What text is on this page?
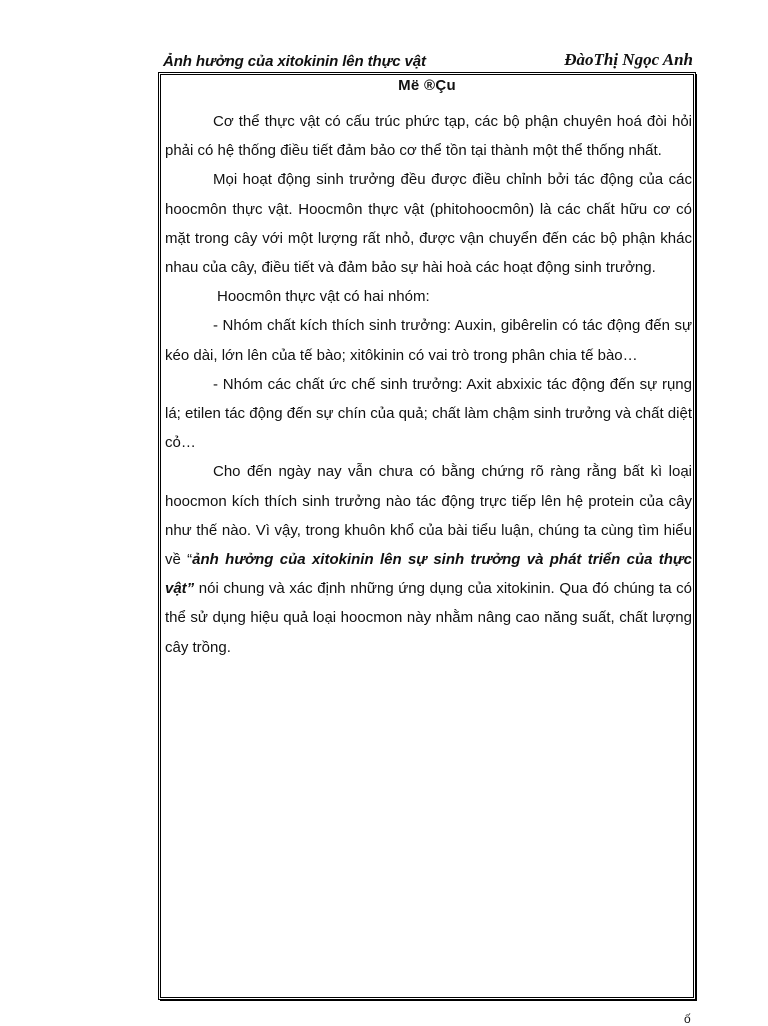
Ảnh hưởng của xitokinin lên thực vật	ĐàoThị Ngọc Anh
Më ®Çu

Cơ thể thực vật có cấu trúc phức tạp, các bộ phận chuyên hoá đòi hỏi phải có hệ thống điều tiết đảm bảo cơ thể tồn tại thành một thể thống nhất.

Mọi hoạt động sinh trưởng đều được điều chỉnh bởi tác động của các hoocmôn thực vật. Hoocmôn thực vật (phitohoocmôn) là các chất hữu cơ có mặt trong cây với một lượng rất nhỏ, được vận chuyển đến các bộ phận khác nhau của cây, điều tiết và đảm bảo sự hài hoà các hoạt động sinh trưởng.

Hoocmôn thực vật có hai nhóm:

- Nhóm chất kích thích sinh trưởng: Auxin, gibêrelin có tác động đến sự kéo dài, lớn lên của tế bào; xitôkinin có vai trò trong phân chia tế bào…

- Nhóm các chất ức chế sinh trưởng: Axit abxixic tác động đến sự rụng lá; etilen tác động đến sự chín của quả; chất làm chậm sinh trưởng và chất diệt cỏ…

Cho đến ngày nay vẫn chưa có bằng chứng rõ ràng rằng bất kì loại hoocmon kích thích sinh trưởng nào tác động trực tiếp lên hệ protein của cây như thế nào. Vì vậy, trong khuôn khổ của bài tiểu luận, chúng ta cùng tìm hiểu về “ảnh hưởng của xitokinin lên sự sinh trưởng và phát triển của thực vật” nói chung và xác định những ứng dụng của xitokinin. Qua đó chúng ta có thể sử dụng hiệu quả loại hoocmon này nhằm nâng cao năng suất, chất lượng cây trồng.

ố
